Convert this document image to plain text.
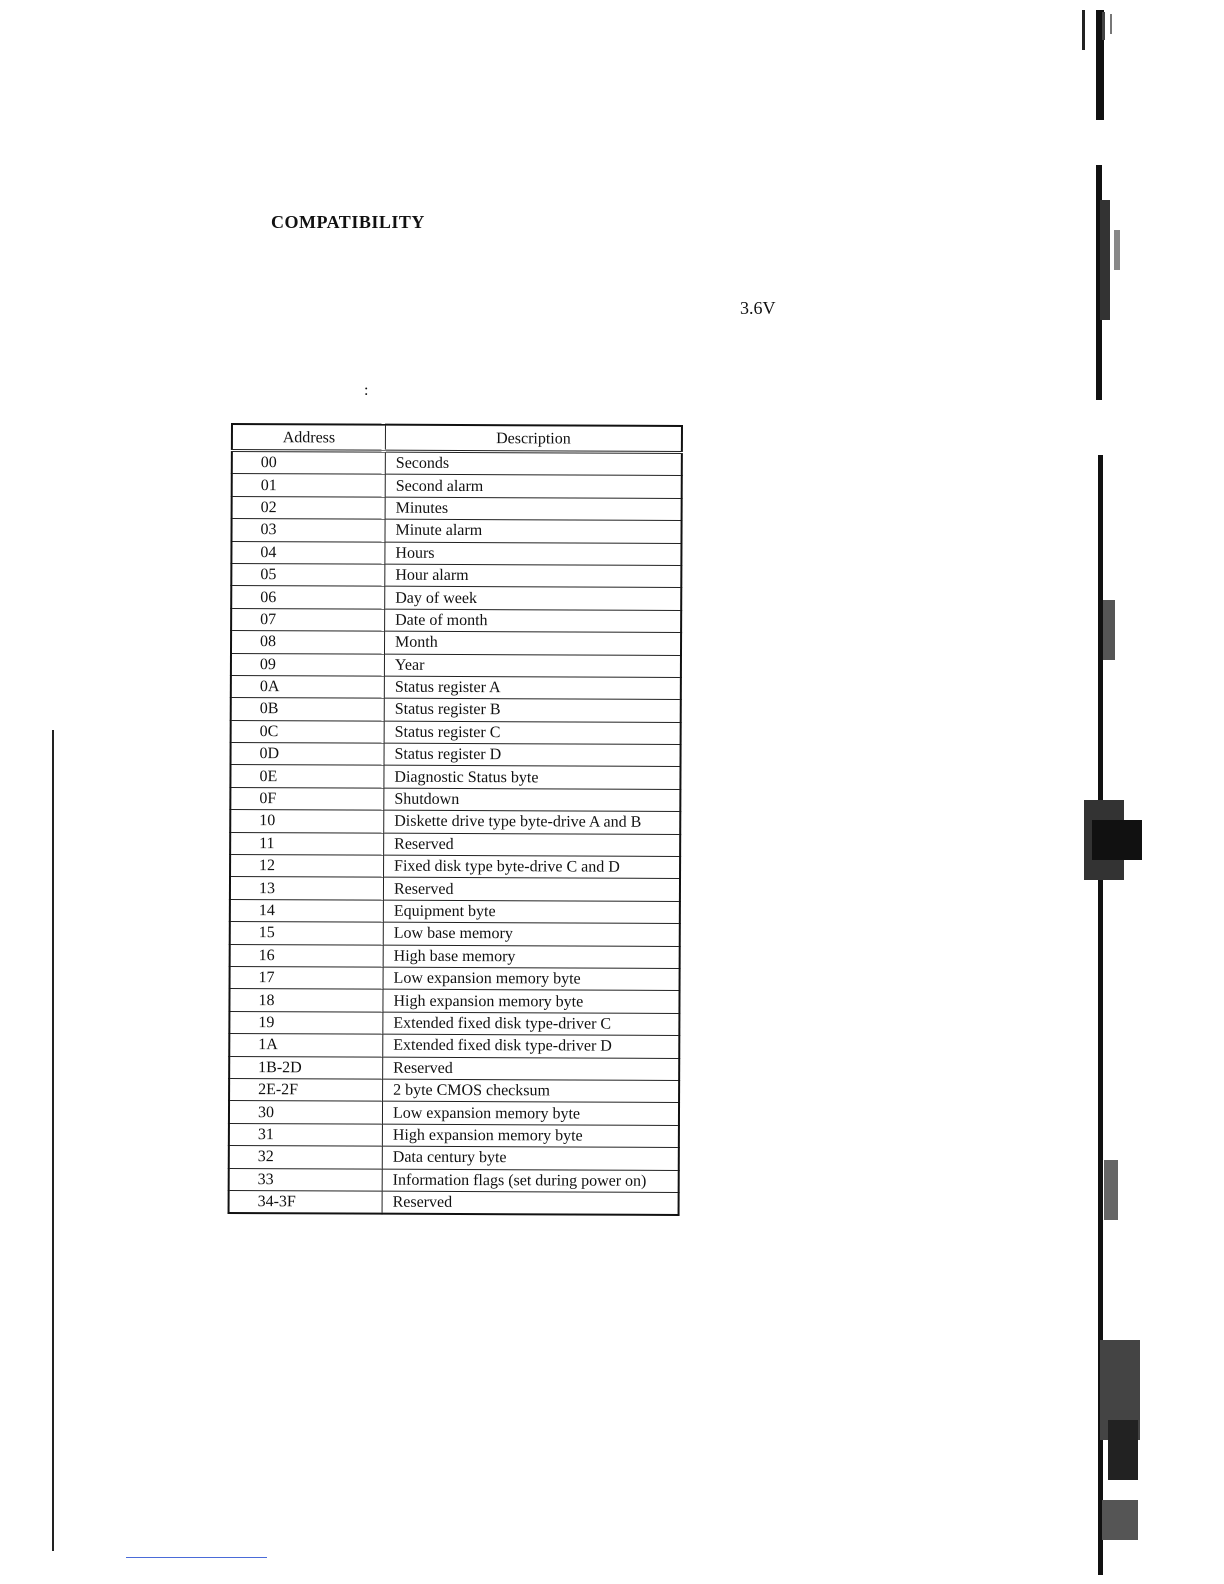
COMPATIBILITY
3.6V
:
Address	Description
00	Seconds
01	Second alarm
02	Minutes
03	Minute alarm
04	Hours
05	Hour alarm
06	Day of week
07	Date of month
08	Month
09	Year
0A	Status register A
0B	Status register B
0C	Status register C
0D	Status register D
0E	Diagnostic Status byte
0F	Shutdown
10	Diskette drive type byte-drive A and B
11	Reserved
12	Fixed disk type byte-drive C and D
13	Reserved
14	Equipment byte
15	Low base memory
16	High base memory
17	Low expansion memory byte
18	High expansion memory byte
19	Extended fixed disk type-driver C
1A	Extended fixed disk type-driver D
1B-2D	Reserved
2E-2F	2 byte CMOS checksum
30	Low expansion memory byte
31	High expansion memory byte
32	Data century byte
33	Information flags (set during power on)
34-3F	Reserved
